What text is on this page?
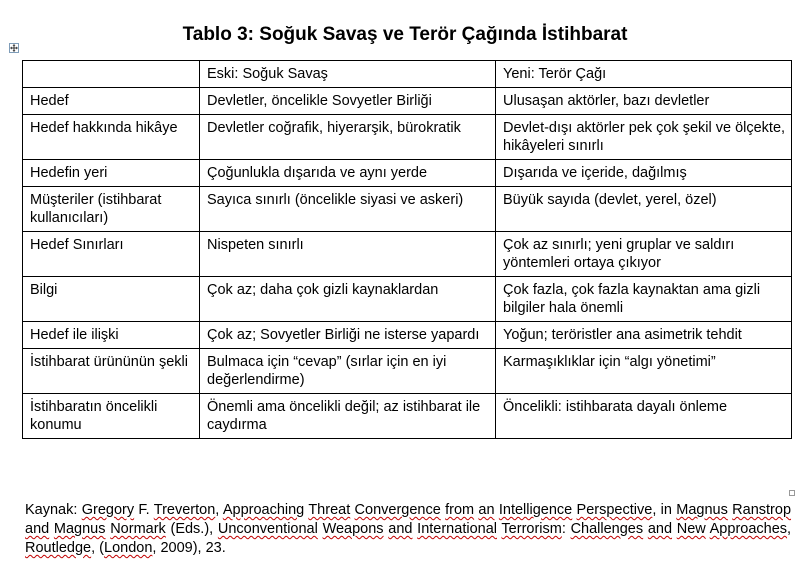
Tablo 3: Soğuk Savaş ve Terör Çağında İstihbarat
	Eski: Soğuk Savaş	Yeni: Terör Çağı
Hedef	Devletler, öncelikle Sovyetler Birliği	Ulusaşan aktörler, bazı devletler
Hedef hakkında hikâye	Devletler coğrafik, hiyerarşik, bürokratik	Devlet-dışı aktörler pek çok şekil ve ölçekte, hikâyeleri sınırlı
Hedefin yeri	Çoğunlukla dışarıda ve aynı yerde	Dışarıda ve içeride, dağılmış
Müşteriler (istihbarat kullanıcıları)	Sayıca sınırlı (öncelikle siyasi ve askeri)	Büyük sayıda (devlet, yerel, özel)
Hedef Sınırları	Nispeten sınırlı	Çok az sınırlı; yeni gruplar ve saldırı yöntemleri ortaya çıkıyor
Bilgi	Çok az; daha çok gizli kaynaklardan	Çok fazla, çok fazla kaynaktan ama gizli bilgiler hala önemli
Hedef ile ilişki	Çok az; Sovyetler Birliği ne isterse yapardı	Yoğun; teröristler ana asimetrik tehdit
İstihbarat ürününün şekli	Bulmaca için “cevap” (sırlar için en iyi değerlendirme)	Karmaşıklıklar için “algı yönetimi”
İstihbaratın öncelikli konumu	Önemli ama öncelikli değil; az istihbarat ile caydırma	Öncelikli: istihbarata dayalı önleme
Kaynak: Gregory F. Treverton, Approaching Threat Convergence from an Intelligence Perspective, in Magnus Ranstrop and Magnus Normark (Eds.), Unconventional Weapons and International Terrorism: Challenges and New Approaches, Routledge, (London, 2009), 23.
